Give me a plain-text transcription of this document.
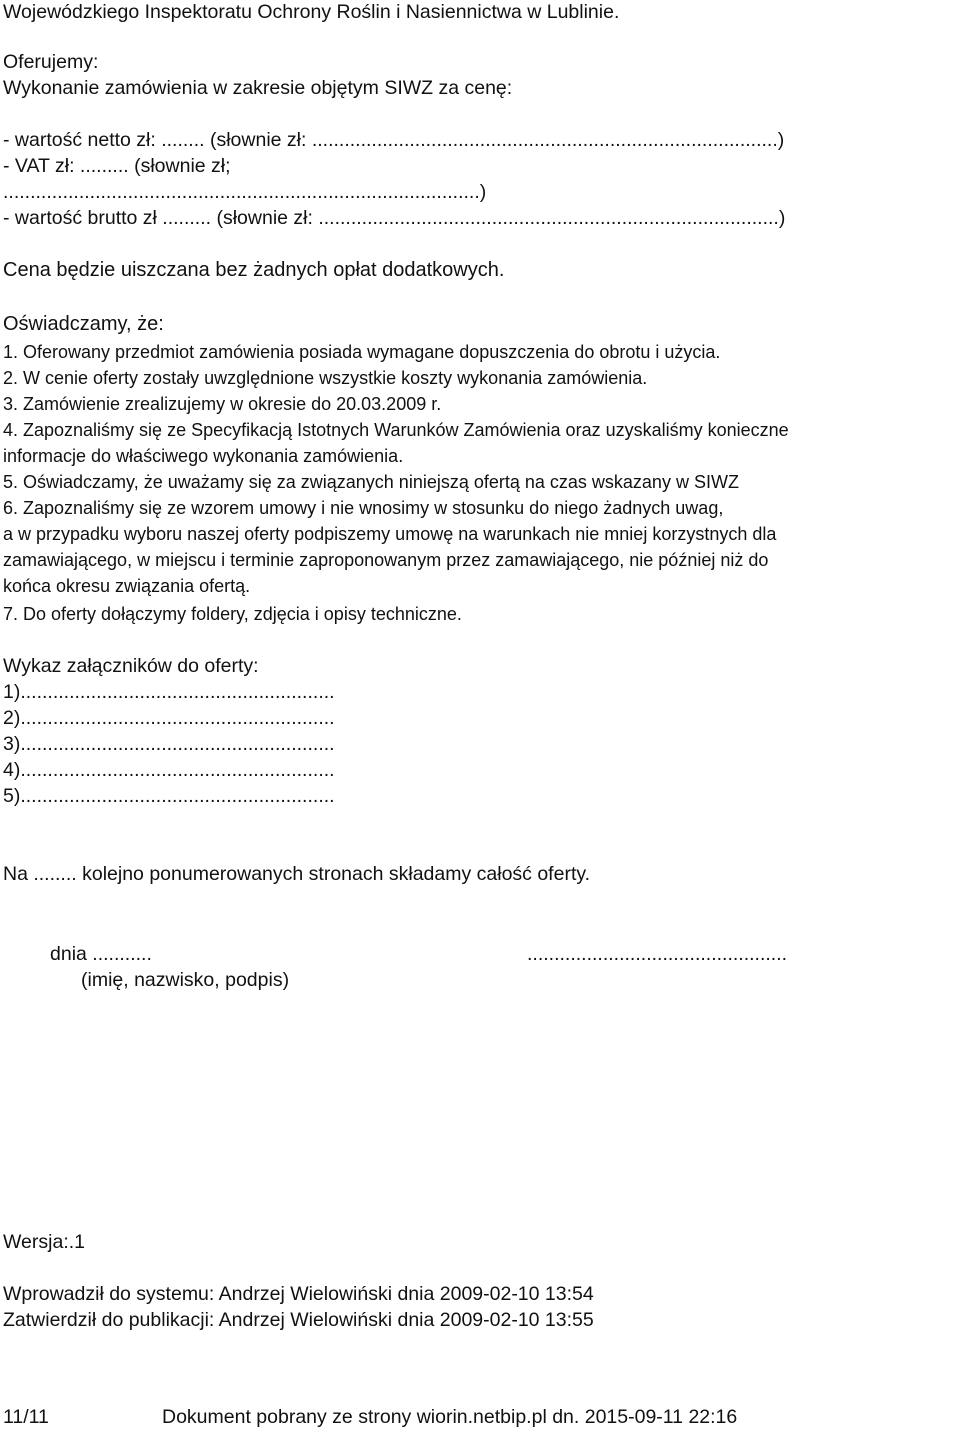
Wojewódzkiego Inspektoratu Ochrony Roślin i Nasiennictwa w Lublinie.
Oferujemy:
Wykonanie zamówienia w zakresie objętym SIWZ za cenę:
- wartość netto zł: ........ (słownie zł: ......................................................................................)
- VAT zł: ......... (słownie zł;
........................................................................................)
- wartość brutto zł ......... (słownie zł: .....................................................................................)
Cena będzie uiszczana bez żadnych opłat dodatkowych.
Oświadczamy, że:
1. Oferowany przedmiot zamówienia posiada wymagane dopuszczenia do obrotu i użycia.
2. W cenie oferty zostały uwzględnione wszystkie koszty wykonania zamówienia.
3. Zamówienie zrealizujemy w okresie do 20.03.2009 r.
4. Zapoznaliśmy się ze Specyfikacją Istotnych Warunków Zamówienia oraz uzyskaliśmy konieczne
informacje do właściwego wykonania zamówienia.
5. Oświadczamy, że uważamy się za związanych niniejszą ofertą na czas wskazany w SIWZ
6. Zapoznaliśmy się ze wzorem umowy i nie wnosimy w stosunku do niego żadnych uwag,
a w przypadku wyboru naszej oferty podpiszemy umowę na warunkach nie mniej korzystnych dla
zamawiającego, w miejscu i terminie zaproponowanym przez zamawiającego, nie później niż do
końca okresu związania ofertą.
7. Do oferty dołączymy foldery, zdjęcia i opisy techniczne.
Wykaz załączników do oferty:
1)..........................................................
2)..........................................................
3)..........................................................
4)..........................................................
5)..........................................................
Na ........ kolejno ponumerowanych stronach składamy całość oferty.
dnia ...........	................................................
(imię, nazwisko, podpis)
Wersja:.1
Wprowadził do systemu: Andrzej Wielowiński dnia 2009-02-10 13:54
Zatwierdził do publikacji: Andrzej Wielowiński dnia 2009-02-10 13:55
11/11	Dokument pobrany ze strony wiorin.netbip.pl dn. 2015-09-11 22:16
